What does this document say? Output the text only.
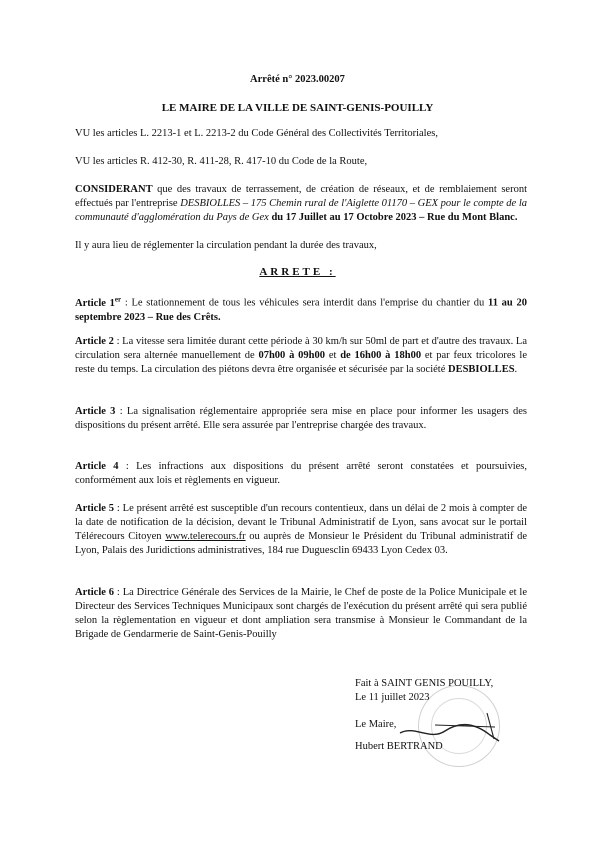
Arrêté n° 2023.00207
LE MAIRE DE LA VILLE DE SAINT-GENIS-POUILLY
VU les articles L. 2213-1 et L. 2213-2 du Code Général des Collectivités Territoriales,
VU les articles R. 412-30, R. 411-28, R. 417-10 du Code de la Route,
CONSIDERANT que des travaux de terrassement, de création de réseaux, et de remblaiement seront effectués par l'entreprise DESBIOLLES – 175 Chemin rural de l'Aiglette 01170 – GEX pour le compte de la communauté d'agglomération du Pays de Gex du 17 Juillet au 17 Octobre 2023 – Rue du Mont Blanc.
Il y aura lieu de réglementer la circulation pendant la durée des travaux,
ARRETE :
Article 1er : Le stationnement de tous les véhicules sera interdit dans l'emprise du chantier du 11 au 20 septembre 2023 – Rue des Crêts.
Article 2 : La vitesse sera limitée durant cette période à 30 km/h sur 50ml de part et d'autre des travaux. La circulation sera alternée manuellement de 07h00 à 09h00 et de 16h00 à 18h00 et par feux tricolores le reste du temps. La circulation des piétons devra être organisée et sécurisée par la société DESBIOLLES.
Article 3 : La signalisation réglementaire appropriée sera mise en place pour informer les usagers des dispositions du présent arrêté. Elle sera assurée par l'entreprise chargée des travaux.
Article 4 : Les infractions aux dispositions du présent arrêté seront constatées et poursuivies, conformément aux lois et règlements en vigueur.
Article 5 : Le présent arrêté est susceptible d'un recours contentieux, dans un délai de 2 mois à compter de la date de notification de la décision, devant le Tribunal Administratif de Lyon, sans avocat sur le portail Télérecours Citoyen www.telerecours.fr ou auprès de Monsieur le Président du Tribunal administratif de Lyon, Palais des Juridictions administratives, 184 rue Duguesclin 69433 Lyon Cedex 03.
Article 6 : La Directrice Générale des Services de la Mairie, le Chef de poste de la Police Municipale et le Directeur des Services Techniques Municipaux sont chargés de l'exécution du présent arrêté qui sera publié selon la règlementation en vigueur et dont ampliation sera transmise à Monsieur le Commandant de la Brigade de Gendarmerie de Saint-Genis-Pouilly
Fait à SAINT GENIS POUILLY,
Le 11 juillet 2023
Le Maire,
Hubert BERTRAND
